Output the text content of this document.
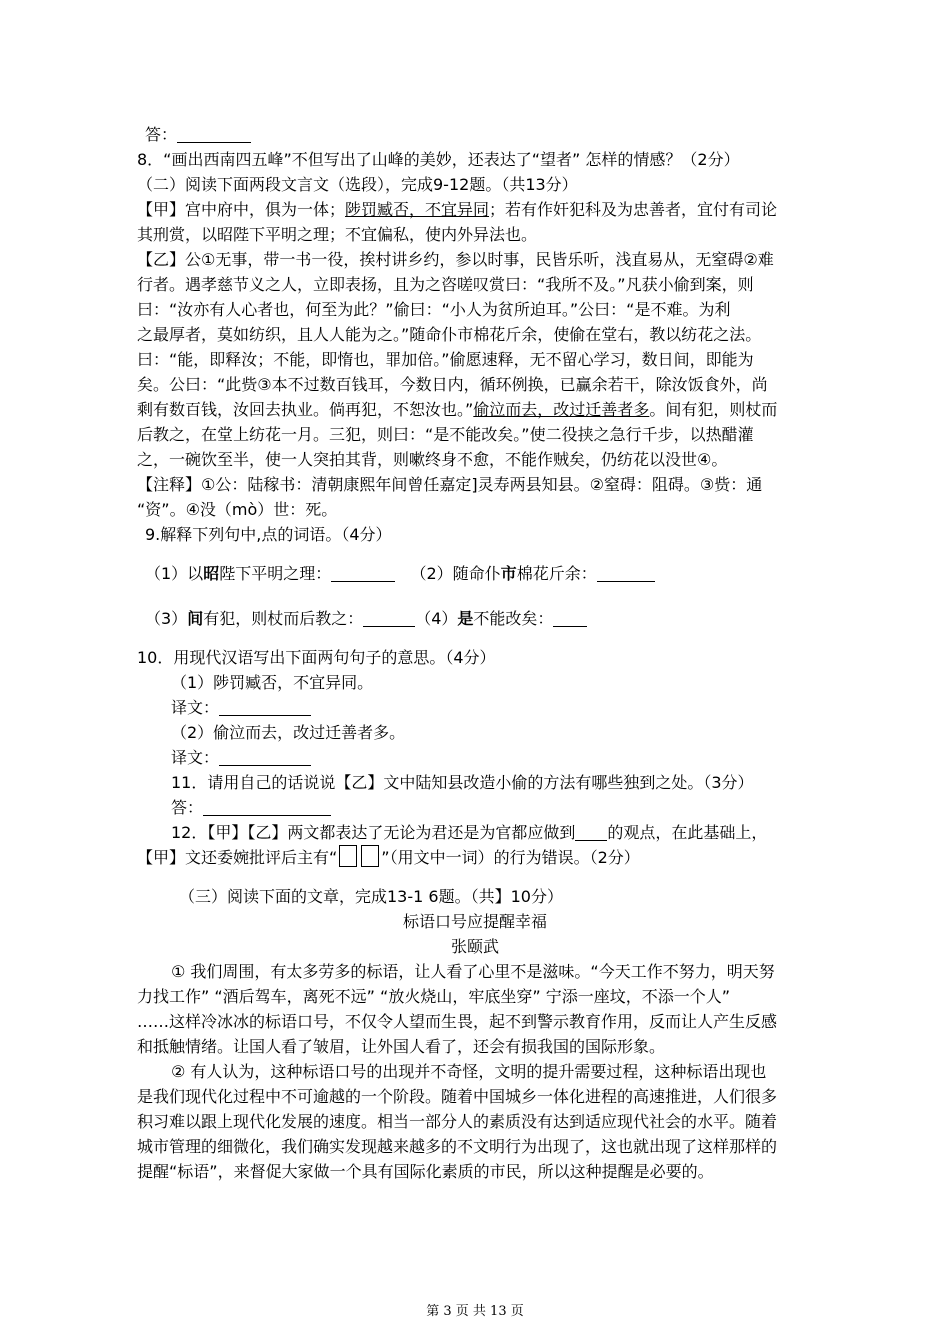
答：

8．“画出西南四五峰”不但写出了山峰的美妙，还表达了“望者” 怎样的情感？（2分）

（二）阅读下面两段文言文（选段），完成9-12题。（共13分）

【甲】宫中府中，俱为一体；陟罚臧否，不宜异同；若有作奸犯科及为忠善者，宜付有司论

其刑赏，以昭陛下平明之理；不宜偏私，使内外异法也。

【乙】公①无事，带一书一役，挨村讲乡约，参以时事，民皆乐听，浅直易从，无窒碍②难

行者。遇孝慈节义之人，立即表扬，且为之咨嗟叹赏曰：“我所不及。”凡获小偷到案，则

曰：“汝亦有人心者也，何至为此？”偷曰：“小人为贫所迫耳。”公曰：“是不难。为利

之最厚者，莫如纺织，且人人能为之。”随命仆市棉花斤余，使偷在堂右，教以纺花之法。

曰：“能，即释汝；不能，即惰也，罪加倍。”偷愿速释，无不留心学习，数日间，即能为

矣。公曰：“此赀③本不过数百钱耳，今数日内，循环例换，已赢余若干，除汝饭食外，尚

剩有数百钱，汝回去执业。倘再犯，不恕汝也。”偷泣而去，改过迁善者多。间有犯，则杖而

后教之，在堂上纺花一月。三犯，则曰：“是不能改矣。”使二役挟之急行千步，以热醋灌

之，一碗饮至半，使一人突拍其背，则嗽终身不愈，不能作贼矣，仍纺花以没世④。

【注释】①公：陆稼书：清朝康熙年间曾任嘉定]灵寿两县知县。②窒碍：阻碍。③赀：通

“资”。④没（mò）世：死。

9.解释下列句中,点的词语。（4分）

（1）以昭陛下平明之理：	（2）随命仆市棉花斤余：

（3）间有犯，则杖而后教之：	（4）是不能改矣：

10．用现代汉语写出下面两句句子的意思。（4分）

（1）陟罚臧否，不宜异同。

译文：

（2）偷泣而去，改过迁善者多。

译文：

11．请用自己的话说说【乙】文中陆知县改造小偷的方法有哪些独到之处。（3分）

答：

12．【甲】【乙】两文都表达了无论为君还是为官都应做到 的观点，在此基础上，

【甲】文还委婉批评后主有“	”（用文中一词）的行为错误。（2分）

（三）阅读下面的文章，完成13-1 6题。（共】10分）

标语口号应提醒幸福

张颐武

① 我们周围，有太多劳多的标语，让人看了心里不是滋味。“今天工作不努力，明天努

力找工作” “酒后驾车，离死不远” “放火烧山，牢底坐穿” 宁添一座坟，不添一个人”

……这样冷冰冰的标语口号，不仅令人望而生畏，起不到警示教育作用，反而让人产生反感

和抵触情绪。让国人看了皱眉，让外国人看了，还会有损我国的国际形象。

② 有人认为，这种标语口号的出现并不奇怪，文明的提升需要过程，这种标语出现也

是我们现代化过程中不可逾越的一个阶段。随着中国城乡一体化进程的高速推进，人们很多

积习难以跟上现代化发展的速度。相当一部分人的素质没有达到适应现代社会的水平。随着

城市管理的细微化，我们确实发现越来越多的不文明行为出现了，这也就出现了这样那样的

提醒“标语”，来督促大家做一个具有国际化素质的市民，所以这种提醒是必要的。

第 3 页 共 13 页
